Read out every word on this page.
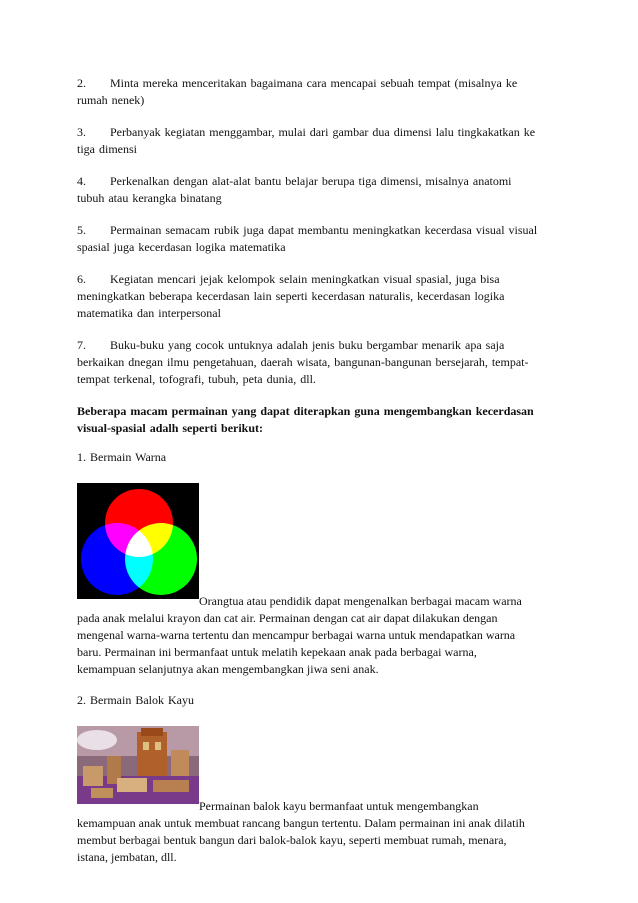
2. Minta mereka menceritakan bagaimana cara mencapai sebuah tempat (misalnya ke
rumah nenek)

3. Perbanyak kegiatan menggambar, mulai dari gambar dua dimensi lalu tingkakatkan ke
tiga dimensi

4. Perkenalkan dengan alat-alat bantu belajar berupa tiga dimensi, misalnya anatomi
tubuh atau kerangka binatang

5. Permainan semacam rubik juga dapat membantu meningkatkan kecerdasa visual visual
spasial juga kecerdasan logika matematika

6. Kegiatan mencari jejak kelompok selain meningkatkan visual spasial, juga bisa
meningkatkan beberapa kecerdasan lain seperti kecerdasan naturalis, kecerdasan logika
matematika dan interpersonal

7. Buku-buku yang cocok untuknya adalah jenis buku bergambar menarik apa saja
berkaikan dnegan ilmu pengetahuan, daerah wisata, bangunan-bangunan bersejarah, tempat-
tempat terkenal, tofografi, tubuh, peta dunia, dll.

Beberapa macam permainan yang dapat diterapkan guna mengembangkan kecerdasan
visual-spasial adalh seperti berikut:

1. Bermain Warna

Orangtua atau pendidik dapat mengenalkan berbagai macam warna
pada anak melalui krayon dan cat air. Permainan dengan cat air dapat dilakukan dengan
mengenal warna-warna tertentu dan mencampur berbagai warna untuk mendapatkan warna
baru. Permainan ini bermanfaat untuk melatih kepekaan anak pada berbagai warna,
kemampuan selanjutnya akan mengembangkan jiwa seni anak.

2. Bermain Balok Kayu

Permainan balok kayu bermanfaat untuk mengembangkan
kemampuan anak untuk membuat rancang bangun tertentu. Dalam permainan ini anak dilatih
membut berbagai bentuk bangun dari balok-balok kayu, seperti membuat rumah, menara,
istana, jembatan, dll.
